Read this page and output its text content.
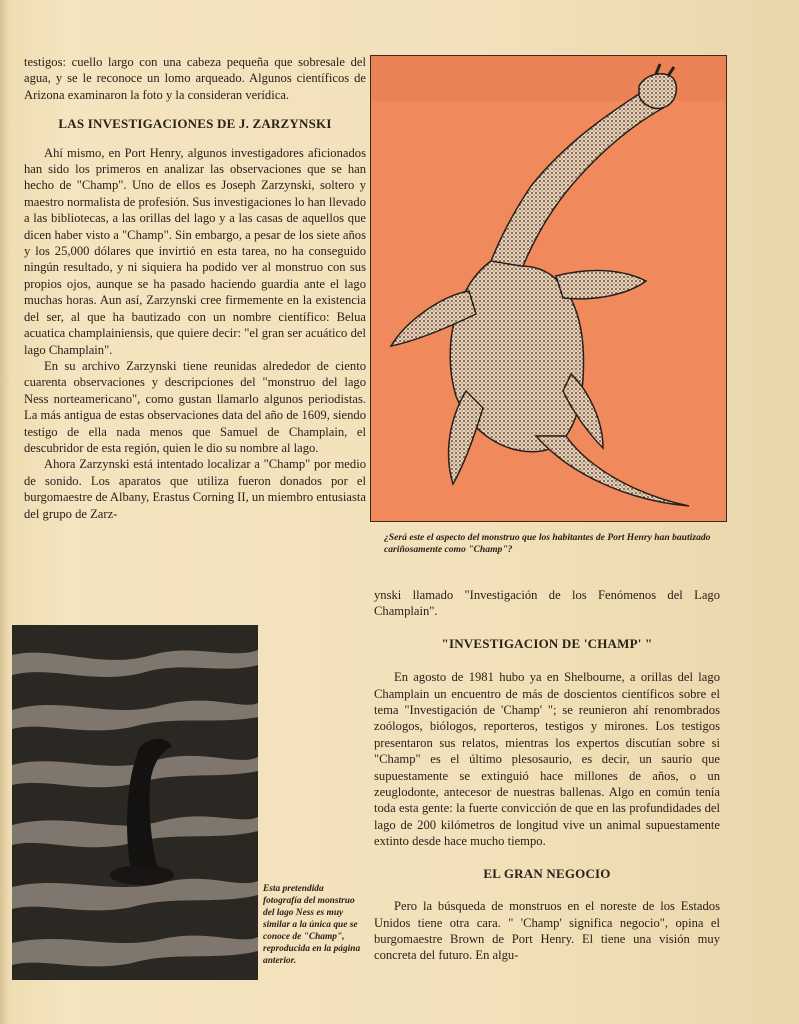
testigos: cuello largo con una cabeza pequeña que sobresale del agua, y se le reconoce un lomo arqueado. Algunos científicos de Arizona examinaron la foto y la consideran verídica.

LAS INVESTIGACIONES DE J. ZARZYNSKI

Ahí mismo, en Port Henry, algunos investigadores aficionados han sido los primeros en analizar las observaciones que se han hecho de "Champ". Uno de ellos es Joseph Zarzynski, soltero y maestro normalista de profesión. Sus investigaciones lo han llevado a las bibliotecas, a las orillas del lago y a las casas de aquellos que dicen haber visto a "Champ". Sin embargo, a pesar de los siete años y los 25,000 dólares que invirtió en esta tarea, no ha conseguido ningún resultado, y ni siquiera ha podido ver al monstruo con sus propios ojos, aunque se ha pasado haciendo guardia ante el lago muchas horas. Aun así, Zarzynski cree firmemente en la existencia del ser, al que ha bautizado con un nombre científico: Belua acuatica champlainiensis, que quiere decir: "el gran ser acuático del lago Champlain".

En su archivo Zarzynski tiene reunidas alrededor de ciento cuarenta observaciones y descripciones del "monstruo del lago Ness norteamericano", como gustan llamarlo algunos periodistas. La más antigua de estas observaciones data del año de 1609, siendo testigo de ella nada menos que Samuel de Champlain, el descubridor de esta región, quien le dio su nombre al lago.

Ahora Zarzynski está intentado localizar a "Champ" por medio de sonido. Los aparatos que utiliza fueron donados por el burgomaestre de Albany, Erastus Corning II, un miembro entusiasta del grupo de Zarz-

¿Será este el aspecto del monstruo que los habitantes de Port Henry han bautizado cariñosamente como "Champ"?
Esta pretendida fotografía del monstruo del lago Ness es muy similar a la única que se conoce de "Champ", reproducida en la página anterior.

ynski llamado "Investigación de los Fenómenos del Lago Champlain".

"INVESTIGACION DE 'CHAMP' "

En agosto de 1981 hubo ya en Shelbourne, a orillas del lago Champlain un encuentro de más de doscientos científicos sobre el tema "Investigación de 'Champ' "; se reunieron ahí renombrados zoólogos, biólogos, reporteros, testigos y mirones. Los testigos presentaron sus relatos, mientras los expertos discutían sobre si "Champ" es el último plesosaurio, es decir, un saurio que supuestamente se extinguió hace millones de años, o un zeuglodonte, antecesor de nuestras ballenas. Algo en común tenía toda esta gente: la fuerte convicción de que en las profundidades del lago de 200 kilómetros de longitud vive un animal supuestamente extinto desde hace mucho tiempo.

EL GRAN NEGOCIO

Pero la búsqueda de monstruos en el noreste de los Estados Unidos tiene otra cara. " 'Champ' significa negocio", opina el burgomaestre Brown de Port Henry. El tiene una visión muy concreta del futuro. En algu-
